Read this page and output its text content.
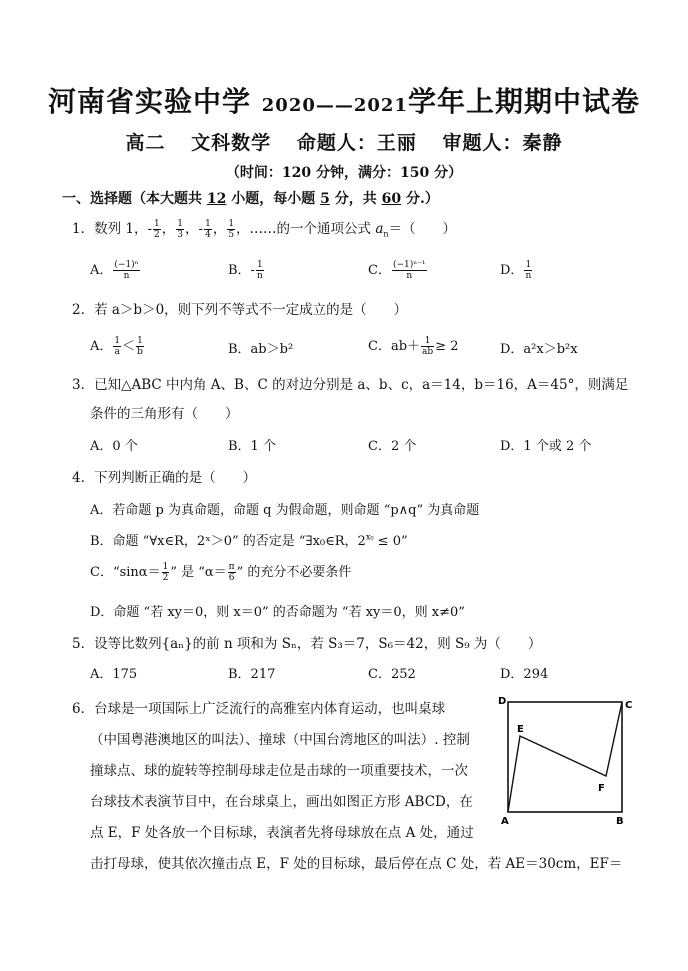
河南省实验中学 2020——2021学年上期期中试卷
高二 文科数学 命题人：王丽 审题人：秦静
（时间：120 分钟，满分：150 分）
一、选择题（本大题共 12 小题，每小题 5 分，共 60 分.）
1．数列 1，- $\frac{1}{2}$ ， $\frac{1}{3}$ ，- $\frac{1}{4}$ ， $\frac{1}{5}$ ，……的一个通项公式 $a_n=$（　　）
A． $\frac{\text{(−1)ⁿ}}{n}$	B．- $\frac{1}{n}$	C． $\frac{\text{(−1)ⁿ⁻¹}}{n}$	D． $\frac{1}{n}$
2．若 a＞b＞0，则下列不等式不一定成立的是（　　）
A． $\frac{1}{a} < \frac{1}{b}$	B．ab＞b²	C．$ab+ \frac{1}{ab} \ge 2$	D．a²x＞b²x
3．已知△ABC 中内角 A、B、C 的对边分别是 a、b、c，a＝14，b＝16，A＝45°，则满足
条件的三角形有（　　）
A．0 个	B．1 个	C．2 个	D．1 个或 2 个
4．下列判断正确的是（　　）
A．若命题 p 为真命题，命题 q 为假命题，则命题 “p∧q” 为真命题
B．命题 “∀x∈R，2ˣ＞0” 的否定是 “∃x₀∈R，$2^{x_0} \le 0$”
C．“$\sin\alpha= \frac{1}{2}$ ” 是 “$\alpha= \frac{\pi}{6}$ ” 的充分不必要条件
D．命题 “若 xy＝0，则 x＝0” 的否命题为 “若 xy＝0，则 x≠0”
5．设等比数列{aₙ}的前 n 项和为 Sₙ，若 S₃＝7，S₆＝42，则 S₉ 为（　　）
A．175	B．217	C．252	D．294
6．台球是一项国际上广泛流行的高雅室内体育运动，也叫桌球
（中国粤港澳地区的叫法）、撞球（中国台湾地区的叫法）. 控制
撞球点、球的旋转等控制母球走位是击球的一项重要技术，一次
台球技术表演节目中，在台球桌上，画出如图正方形 ABCD，在
点 E，F 处各放一个目标球，表演者先将母球放在点 A 处，通过
击打母球，使其依次撞击点 E，F 处的目标球，最后停在点 C 处，若 AE＝30cm，EF＝
D	C
E
F
A	B
